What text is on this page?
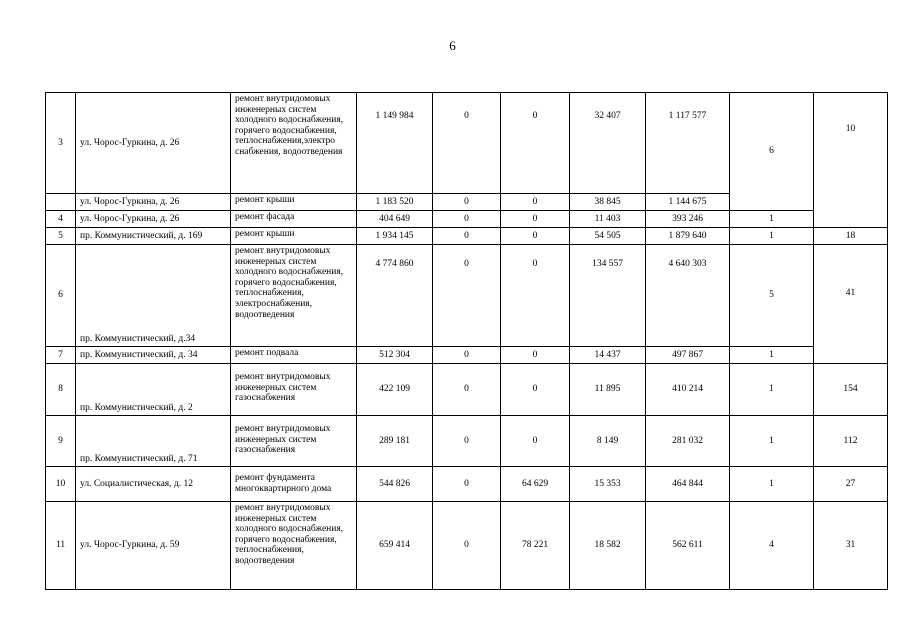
6
3	ул. Чорос-Гуркина, д. 26	ремонт внутридомовых инженерных систем холодного водоснабжения, горячего водоснабжения, теплоснабжения,электро снабжения, водоотведения	1 149 984	0	0	32 407	1 117 577	6	10
	ул. Чорос-Гуркина, д. 26	ремонт крыши	1 183 520	0	0	38 845	1 144 675		
4	ул. Чорос-Гуркина, д. 26	ремонт фасада	404 649	0	0	11 403	393 246	1	
5	пр. Коммунистический, д. 169	ремонт крыши	1 934 145	0	0	54 505	1 879 640	1	18
6	пр. Коммунистический, д.34	ремонт внутридомовых инженерных систем холодного водоснабжения, горячего водоснабжения, теплоснабжения, электроснабжения, водоотведения	4 774 860	0	0	134 557	4 640 303	5	41
7	пр. Коммунистический, д. 34	ремонт подвала	512 304	0	0	14 437	497 867	1	
8	пр. Коммунистический, д. 2	ремонт внутридомовых инженерных систем газоснабжения	422 109	0	0	11 895	410 214	1	154
9	пр. Коммунистический, д. 71	ремонт внутридомовых инженерных систем газоснабжения	289 181	0	0	8 149	281 032	1	112
10	ул. Социалистическая, д. 12	ремонт фундамента многоквартирного дома	544 826	0	64 629	15 353	464 844	1	27
11	ул. Чорос-Гуркина, д. 59	ремонт внутридомовых инженерных систем холодного водоснабжения, горячего водоснабжения, теплоснабжения, водоотведения	659 414	0	78 221	18 582	562 611	4	31
